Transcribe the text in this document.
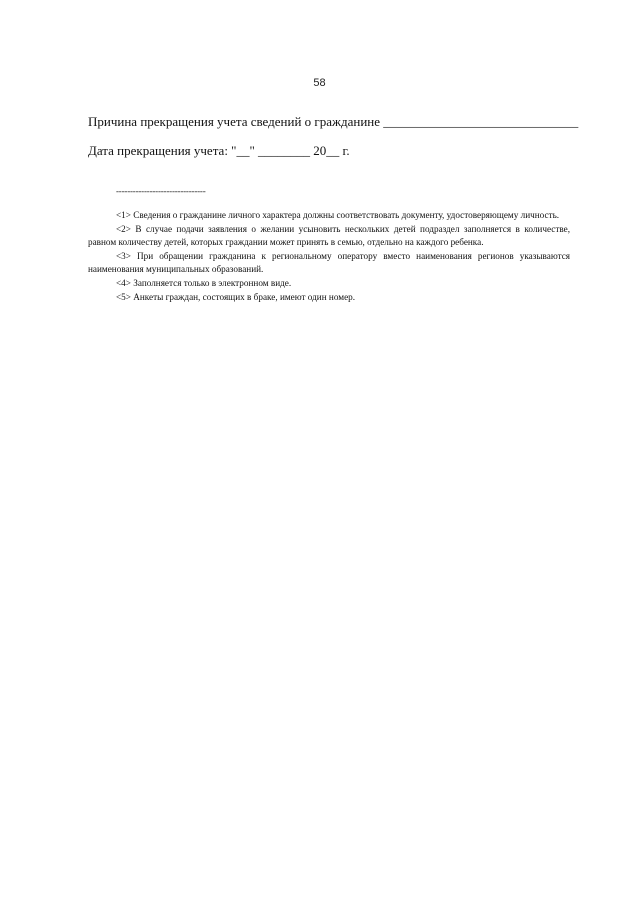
58
Причина прекращения учета сведений о гражданине ______________________________
Дата прекращения учета: "__" ________ 20__ г.
--------------------------------

<1> Сведения о гражданине личного характера должны соответствовать документу, удостоверяющему личность.

<2> В случае подачи заявления о желании усыновить нескольких детей подраздел заполняется в количестве, равном количеству детей, которых граждании может принять в семью, отдельно на каждого ребенка.

<3> При обращении гражданина к региональному оператору вместо наименования регионов указываются наименования муниципальных образований.

<4> Заполняется только в электронном виде.

<5> Анкеты граждан, состоящих в браке, имеют один номер.
